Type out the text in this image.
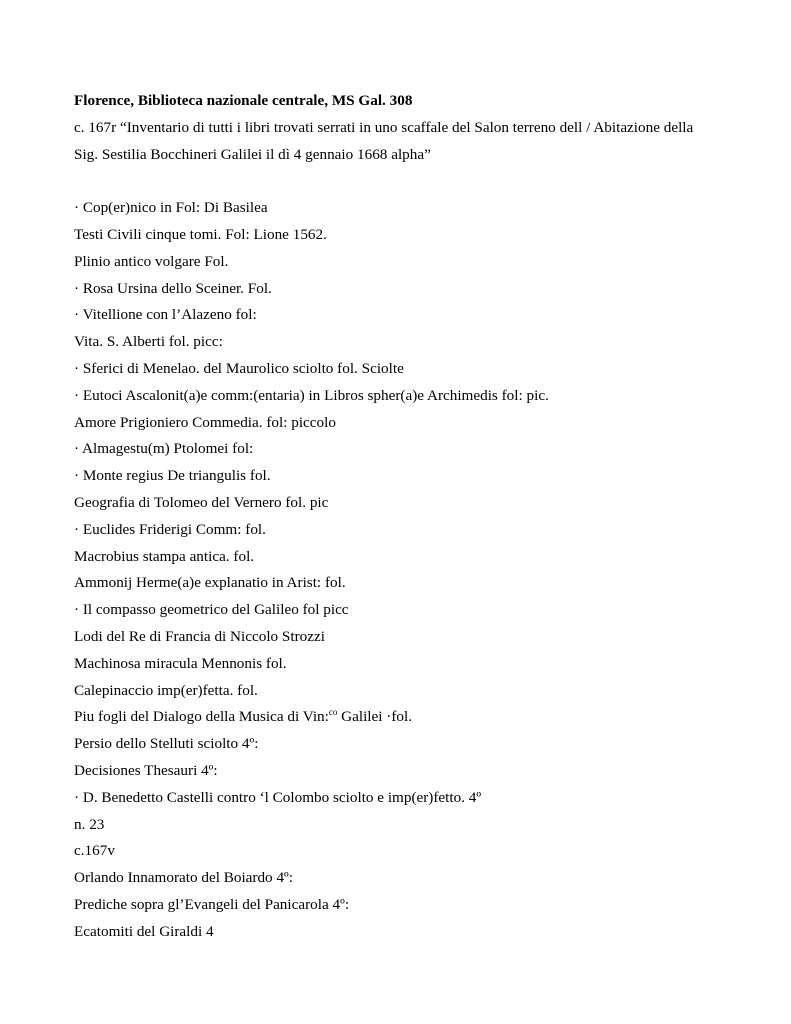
Florence, Biblioteca nazionale centrale, MS Gal. 308
c. 167r “Inventario di tutti i libri trovati serrati in uno scaffale del Salon terreno dell / Abitazione della
Sig. Sestilia Bocchineri Galilei il dì 4 gennaio 1668 alpha”
· Cop(er)nico in Fol: Di Basilea
Testi Civili cinque tomi. Fol: Lione 1562.
Plinio antico volgare Fol.
· Rosa Ursina dello Sceiner. Fol.
· Vitellione con l’Alazeno fol:
Vita. S. Alberti fol. picc:
· Sferici di Menelao. del Maurolico sciolto fol. Sciolte
· Eutoci Ascalonit(a)e comm:(entaria) in Libros spher(a)e Archimedis fol: pic.
Amore Prigioniero Commedia. fol: piccolo
· Almagestu(m) Ptolomei fol:
· Monte regius De triangulis fol.
Geografia di Tolomeo del Vernero fol. pic
· Euclides Friderigi Comm: fol.
Macrobius stampa antica. fol.
Ammonij Herme(a)e explanatio in Arist: fol.
· Il compasso geometrico del Galileo fol picc
Lodi del Re di Francia di Niccolo Strozzi
Machinosa miracula Mennonis fol.
Calepinaccio imp(er)fetta. fol.
Piu fogli del Dialogo della Musica di Vin:$^{co}$ Galilei ·fol.
Persio dello Stelluti sciolto 4º:
Decisiones Thesauri 4º:
· D. Benedetto Castelli contro ‘l Colombo sciolto e imp(er)fetto. 4º
n. 23
c.167v
Orlando Innamorato del Boiardo 4º:
Prediche sopra gl’Evangeli del Panicarola 4º:
Ecatomiti del Giraldi 4
